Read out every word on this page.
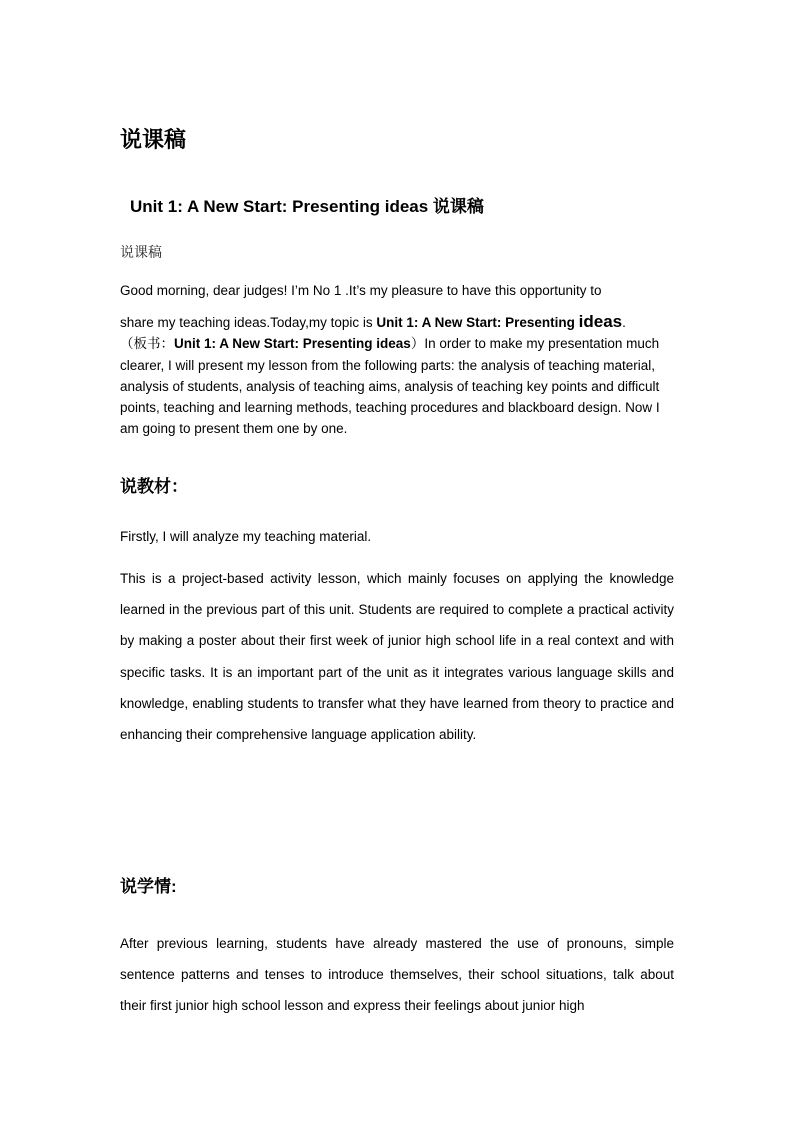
说课稿
Unit 1: A New Start: Presenting ideas 说课稿
说课稿
Good morning, dear judges! I’m No 1 .It’s my pleasure to have this opportunity to
share my teaching ideas.Today,my topic is Unit 1: A New Start: Presenting ideas.
（板书：Unit 1: A New Start: Presenting ideas）In order to make my presentation much clearer, I will present my lesson from the following parts: the analysis of teaching material, analysis of students, analysis of teaching aims, analysis of teaching key points and difficult points, teaching and learning methods, teaching procedures and blackboard design. Now I am going to present them one by one.
说教材：

Firstly, I will analyze my teaching material.

This is a project-based activity lesson, which mainly focuses on applying the knowledge learned in the previous part of this unit. Students are required to complete a practical activity by making a poster about their first week of junior high school life in a real context and with specific tasks. It is an important part of the unit as it integrates various language skills and knowledge, enabling students to transfer what they have learned from theory to practice and enhancing their comprehensive language application ability.

说学情:

After previous learning, students have already mastered the use of pronouns, simple sentence patterns and tenses to introduce themselves, their school situations, talk about their first junior high school lesson and express their feelings about junior high
